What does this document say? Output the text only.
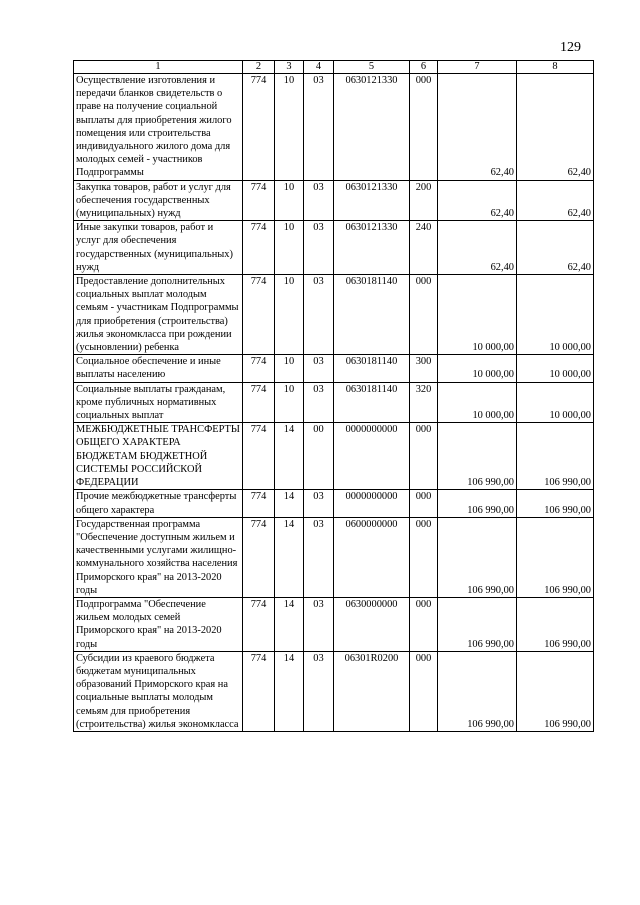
129
1	2	3	4	5	6	7	8
Осуществление изготовления и передачи бланков свидетельств о праве на получение социальной выплаты для приобретения жилого помещения или строительства индивидуального жилого дома для молодых семей - участников Подпрограммы	774	10	03	0630121330	000	62,40	62,40
Закупка товаров, работ и услуг для обеспечения государственных (муниципальных) нужд	774	10	03	0630121330	200	62,40	62,40
Иные закупки товаров, работ и услуг для обеспечения государственных (муниципальных) нужд	774	10	03	0630121330	240	62,40	62,40
Предоставление дополнительных социальных выплат молодым семьям - участникам Подпрограммы для приобретения (строительства) жилья экономкласса при рождении (усыновлении) ребенка	774	10	03	0630181140	000	10 000,00	10 000,00
Социальное обеспечение и иные выплаты населению	774	10	03	0630181140	300	10 000,00	10 000,00
Социальные выплаты гражданам, кроме публичных нормативных социальных выплат	774	10	03	0630181140	320	10 000,00	10 000,00
МЕЖБЮДЖЕТНЫЕ ТРАНСФЕРТЫ ОБЩЕГО ХАРАКТЕРА БЮДЖЕТАМ БЮДЖЕТНОЙ СИСТЕМЫ РОССИЙСКОЙ ФЕДЕРАЦИИ	774	14	00	0000000000	000	106 990,00	106 990,00
Прочие межбюджетные трансферты общего характера	774	14	03	0000000000	000	106 990,00	106 990,00
Государственная программа "Обеспечение доступным жильем и качественными услугами жилищно-коммунального хозяйства населения Приморского края" на 2013-2020 годы	774	14	03	0600000000	000	106 990,00	106 990,00
Подпрограмма "Обеспечение жильем молодых семей Приморского края" на 2013-2020 годы	774	14	03	0630000000	000	106 990,00	106 990,00
Субсидии из краевого бюджета бюджетам муниципальных образований Приморского края на социальные выплаты молодым семьям для приобретения (строительства) жилья экономкласса	774	14	03	06301R0200	000	106 990,00	106 990,00
